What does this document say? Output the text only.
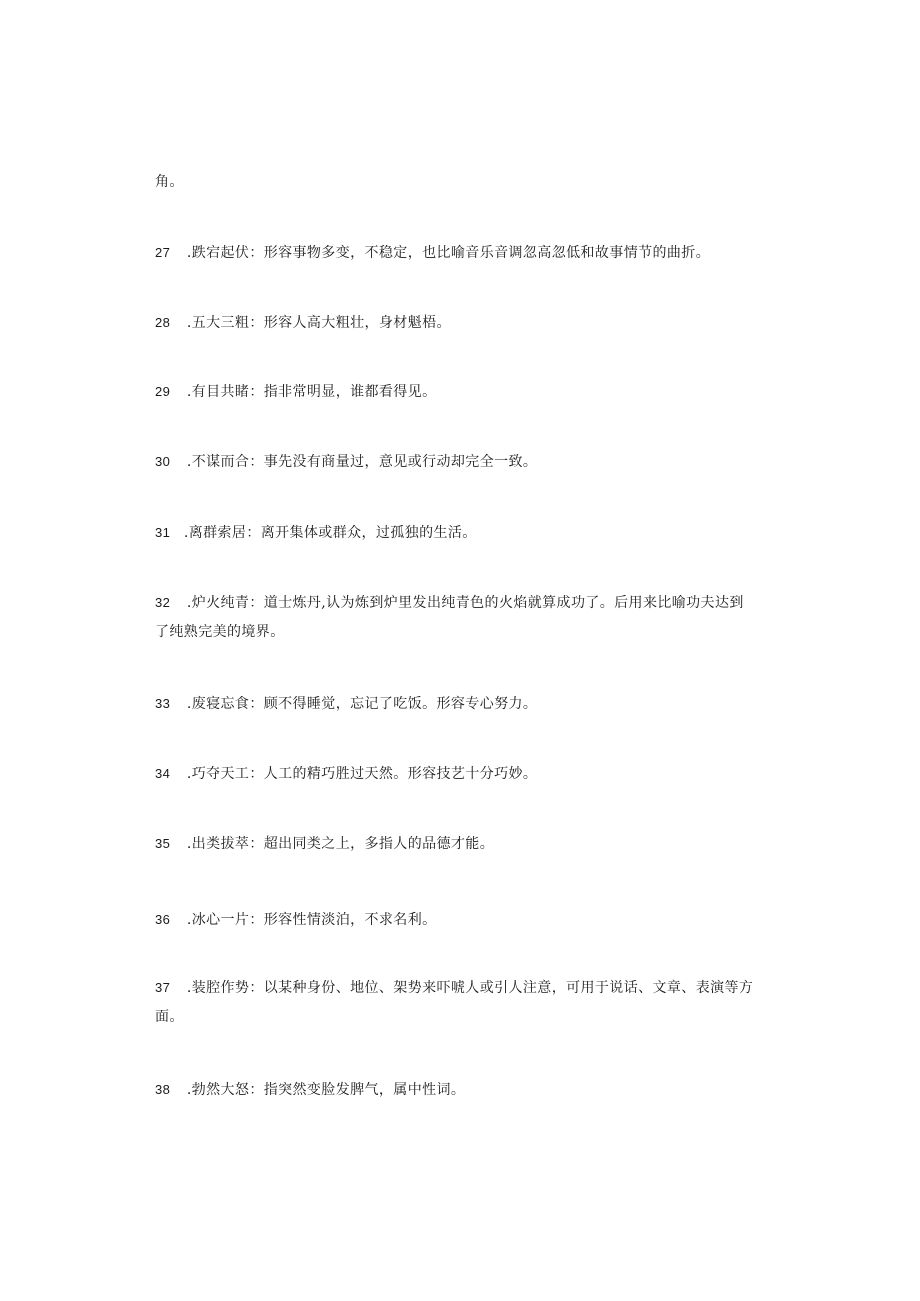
角。
27 .跌宕起伏：形容事物多变，不稳定，也比喻音乐音调忽高忽低和故事情节的曲折。
28 .五大三粗：形容人高大粗壮，身材魁梧。
29 .有目共睹：指非常明显，谁都看得见。
30 .不谋而合：事先没有商量过，意见或行动却完全一致。
31 .离群索居：离开集体或群众，过孤独的生活。
32 .炉火纯青：道士炼丹,认为炼到炉里发出纯青色的火焰就算成功了。后用来比喻功夫达到了纯熟完美的境界。
33 .废寝忘食：顾不得睡觉，忘记了吃饭。形容专心努力。
34 .巧夺天工：人工的精巧胜过天然。形容技艺十分巧妙。
35 .出类拔萃：超出同类之上，多指人的品德才能。
36 .冰心一片：形容性情淡泊，不求名利。
37 .装腔作势：以某种身份、地位、架势来吓唬人或引人注意，可用于说话、文章、表演等方面。
38 .勃然大怒：指突然变脸发脾气，属中性词。
